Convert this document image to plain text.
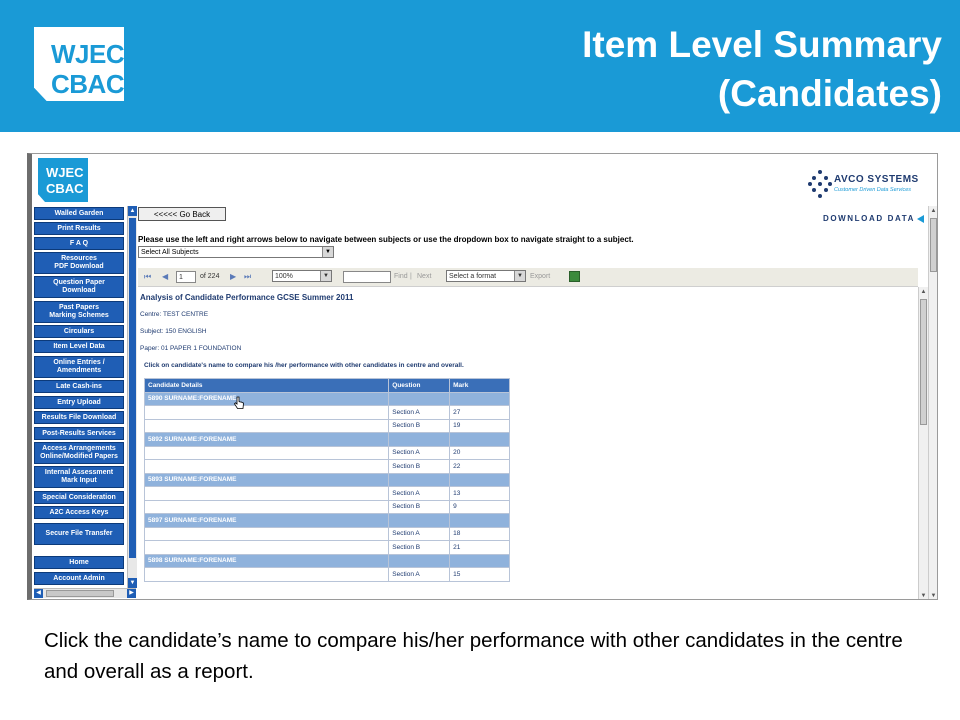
WJEC
CBAC
Item Level Summary
(Candidates)
WJEC
CBAC
AVCO SYSTEMS
Customer Driven Data Services
Walled Garden
Print Results
F A Q
Resources
PDF Download
Question Paper
Download
Past Papers
Marking Schemes
Circulars
Item Level Data
Online Entries /
Amendments
Late Cash-ins
Entry Upload
Results File Download
Post-Results Services
Access Arrangements
Online/Modified Papers
Internal Assessment
Mark Input
Special Consideration
A2C Access Keys
Secure File Transfer
Home
Account Admin
▲
▼
◀	▶
<<<<< Go Back	DOWNLOAD DATA
Please use the left and right arrows below to navigate between subjects or use the dropdown box to navigate straight to a subject.
Select All Subjects	▼
⏮ ◀	1	of 224 ▶ ⏭	100%	▼	Find | Next	Select a format	▼ Export
Analysis of Candidate Performance GCSE Summer 2011
Centre: TEST CENTRE
Subject: 150 ENGLISH
Paper: 01 PAPER 1 FOUNDATION
Click on candidate's name to compare his /her performance with other candidates in centre and overall.
Candidate Details	Question	Mark
5890 SURNAME:FORENAME		
	Section A	27
	Section B	19
5892 SURNAME:FORENAME		
	Section A	20
	Section B	22
5893 SURNAME:FORENAME		
	Section A	13
	Section B	9
5897 SURNAME:FORENAME		
	Section A	18
	Section B	21
5898 SURNAME:FORENAME		
	Section A	15
▲
▼
▲
▼
Click the candidate’s name to compare his/her performance with other candidates in the centre and overall as a report.
